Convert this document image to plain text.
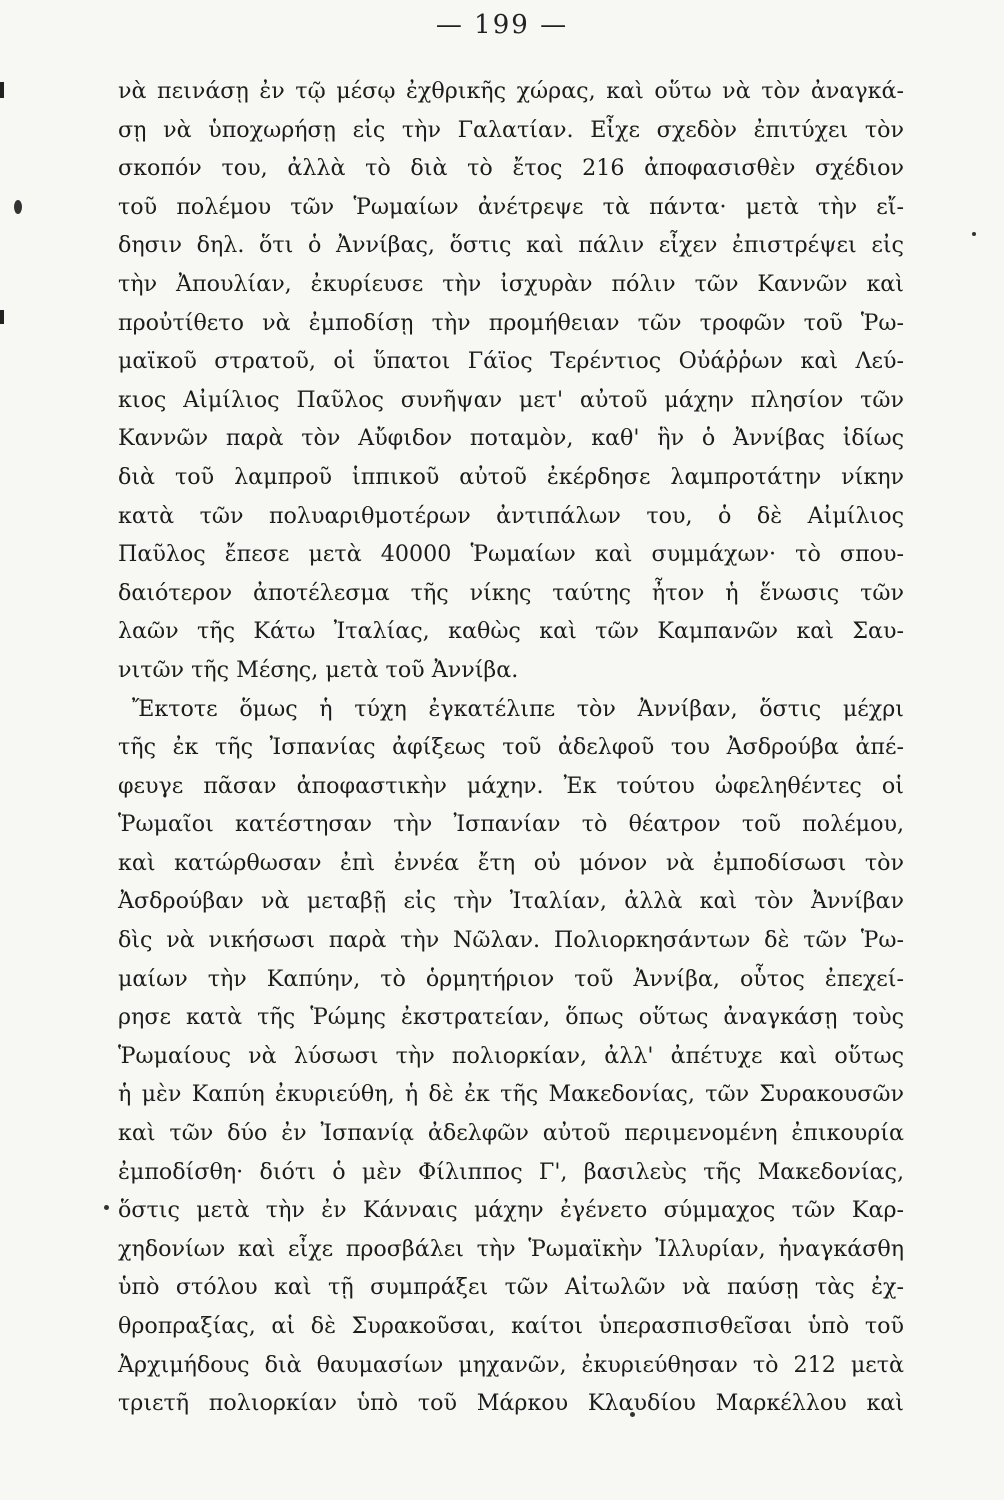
— 199 —
νὰ πεινάσῃ ἐν τῷ μέσῳ ἐχθρικῆς χώρας, καὶ οὕτω νὰ τὸν ἀναγκά-
σῃ νὰ ὑποχωρήσῃ εἰς τὴν Γαλατίαν. Εἶχε σχεδὸν ἐπιτύχει τὸν
σκοπόν του, ἀλλὰ τὸ διὰ τὸ ἔτος 216 ἀποφασισθὲν σχέδιον
τοῦ πολέμου τῶν Ῥωμαίων ἀνέτρεψε τὰ πάντα· μετὰ τὴν εἴ-
δησιν δηλ. ὅτι ὁ Ἀννίβας, ὅστις καὶ πάλιν εἶχεν ἐπιστρέψει εἰς
τὴν Ἀπουλίαν, ἐκυρίευσε τὴν ἰσχυρὰν πόλιν τῶν Καννῶν καὶ
προὐτίθετο νὰ ἐμποδίσῃ τὴν προμήθειαν τῶν τροφῶν τοῦ Ῥω-
μαϊκοῦ στρατοῦ, οἱ ὕπατοι Γάϊος Τερέντιος Οὐάῤῥων καὶ Λεύ-
κιος Αἰμίλιος Παῦλος συνῆψαν μετ' αὐτοῦ μάχην πλησίον τῶν
Καννῶν παρὰ τὸν Αὔφιδον ποταμὸν, καθ' ἣν ὁ Ἀννίβας ἰδίως
διὰ τοῦ λαμπροῦ ἱππικοῦ αὐτοῦ ἐκέρδησε λαμπροτάτην νίκην
κατὰ τῶν πολυαριθμοτέρων ἀντιπάλων του, ὁ δὲ Αἰμίλιος
Παῦλος ἔπεσε μετὰ 40000 Ῥωμαίων καὶ συμμάχων· τὸ σπου-
δαιότερον ἀποτέλεσμα τῆς νίκης ταύτης ἦτον ἡ ἕνωσις τῶν
λαῶν τῆς Κάτω Ἰταλίας, καθὼς καὶ τῶν Καμπανῶν καὶ Σαυ-
νιτῶν τῆς Μέσης, μετὰ τοῦ Ἀννίβα.
Ἔκτοτε ὅμως ἡ τύχη ἐγκατέλιπε τὸν Ἀννίβαν, ὅστις μέχρι
τῆς ἐκ τῆς Ἰσπανίας ἀφίξεως τοῦ ἀδελφοῦ του Ἀσδρούβα ἀπέ-
φευγε πᾶσαν ἀποφαστικὴν μάχην. Ἐκ τούτου ὠφεληθέντες οἱ
Ῥωμαῖοι κατέστησαν τὴν Ἰσπανίαν τὸ θέατρον τοῦ πολέμου,
καὶ κατώρθωσαν ἐπὶ ἐννέα ἔτη οὐ μόνον νὰ ἐμποδίσωσι τὸν
Ἀσδρούβαν νὰ μεταβῇ εἰς τὴν Ἰταλίαν, ἀλλὰ καὶ τὸν Ἀννίβαν
δὶς νὰ νικήσωσι παρὰ τὴν Νῶλαν. Πολιορκησάντων δὲ τῶν Ῥω-
μαίων τὴν Καπύην, τὸ ὁρμητήριον τοῦ Ἀννίβα, οὗτος ἐπεχεί-
ρησε κατὰ τῆς Ῥώμης ἐκστρατείαν, ὅπως οὕτως ἀναγκάσῃ τοὺς
Ῥωμαίους νὰ λύσωσι τὴν πολιορκίαν, ἀλλ' ἀπέτυχε καὶ οὕτως
ἡ μὲν Καπύη ἐκυριεύθη, ἡ δὲ ἐκ τῆς Μακεδονίας, τῶν Συρακουσῶν
καὶ τῶν δύο ἐν Ἰσπανίᾳ ἀδελφῶν αὐτοῦ περιμενομένη ἐπικουρία
ἐμποδίσθη· διότι ὁ μὲν Φίλιππος Γ', βασιλεὺς τῆς Μακεδονίας,
ὅστις μετὰ τὴν ἐν Κάνναις μάχην ἐγένετο σύμμαχος τῶν Καρ-
χηδονίων καὶ εἶχε προσβάλει τὴν Ῥωμαϊκὴν Ἰλλυρίαν, ἠναγκάσθη
ὑπὸ στόλου καὶ τῇ συμπράξει τῶν Αἰτωλῶν νὰ παύσῃ τὰς ἐχ-
θροπραξίας, αἱ δὲ Συρακοῦσαι, καίτοι ὑπερασπισθεῖσαι ὑπὸ τοῦ
Ἀρχιμήδους διὰ θαυμασίων μηχανῶν, ἐκυριεύθησαν τὸ 212 μετὰ
τριετῆ πολιορκίαν ὑπὸ τοῦ Μάρκου Κλαυδίου Μαρκέλλου καὶ
